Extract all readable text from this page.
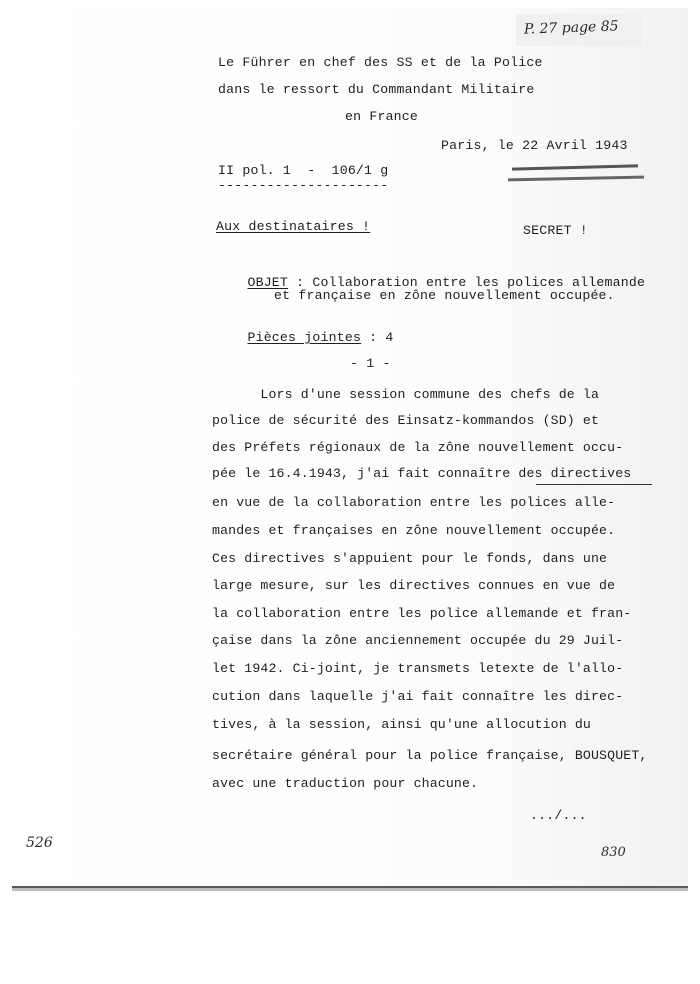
P. 27 page 85
Le Führer en chef des SS et de la Police
dans le ressort du Commandant Militaire
en France
Paris, le 22 Avril 1943
II pol. 1  -  106/1 g
---------------------
Aux destinataires !	SECRET !

OBJET : Collaboration entre les polices allemande

et française en zône nouvellement occupée.

Pièces jointes : 4

- 1 -
Lors d'une session commune des chefs de la
police de sécurité des Einsatz-kommandos (SD) et
des Préfets régionaux de la zône nouvellement occu-
pée le 16.4.1943, j'ai fait connaître des directives
en vue de la collaboration entre les polices alle-
mandes et françaises en zône nouvellement occupée.
Ces directives s'appuient pour le fonds, dans une
large mesure, sur les directives connues en vue de
la collaboration entre les police allemande et fran-
çaise dans la zône anciennement occupée du 29 Juil-
let 1942. Ci-joint, je transmets letexte de l'allo-
cution dans laquelle j'ai fait connaître les direc-
tives, à la session, ainsi qu'une allocution du
secrétaire général pour la police française, BOUSQUET,
avec une traduction pour chacune.
.../...
526
830
